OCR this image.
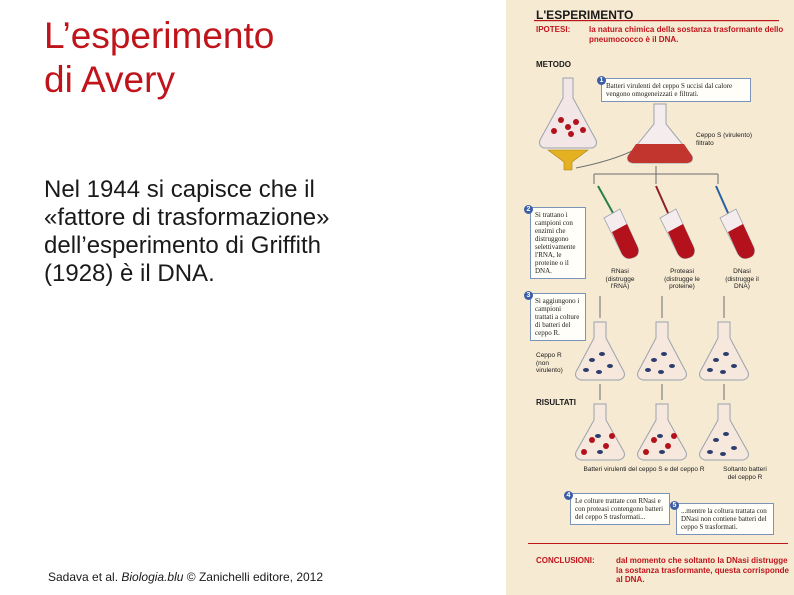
L’esperimento
di Avery
Nel 1944 si capisce che il
«fattore di trasformazione»
dell’esperimento di Griffith
(1928) è il DNA.
Sadava et al. Biologia.blu © Zanichelli editore, 2012
L'ESPERIMENTO
IPOTESI: la natura chimica della sostanza trasformante dello pneumococco è il DNA.
METODO
RISULTATI
Batteri virulenti del ceppo S uccisi dal calore vengono omogeneizzati e filtrati.
1
Si trattano i campioni con enzimi che distruggono selettivamente l'RNA, le proteine o il DNA.
2
Si aggiungono i campioni trattati a colture di batteri del ceppo R.
3
Le colture trattate con RNasi e con proteasi contengono batteri del ceppo S trasformati...
4
...mentre la coltura trattata con DNasi non contiene batteri del ceppo S trasformati.
5
Ceppo S (virulento) filtrato
RNasi (distrugge l'RNA)
Proteasi (distrugge le proteine)
DNasi (distrugge il DNA)
Ceppo R (non virulento)
Batteri virulenti del ceppo S e del ceppo R	Soltanto batteri del ceppo R
CONCLUSIONI:	dal momento che soltanto la DNasi distrugge la sostanza trasformante, questa corrisponde al DNA.
